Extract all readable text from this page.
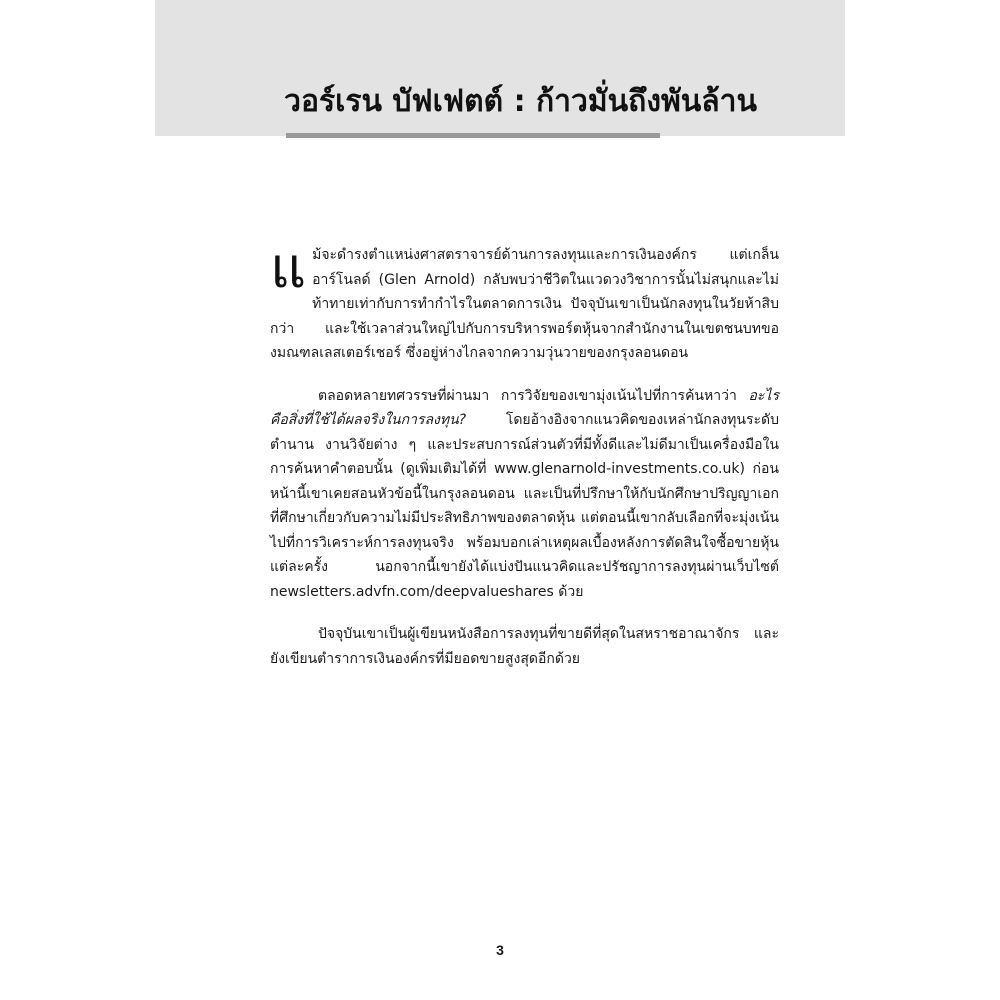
วอร์เรน บัฟเฟตต์ : ก้าวมั่นถึงพันล้าน

แม้จะดำรงตำแหน่งศาสตราจารย์ด้านการลงทุนและการเงินองค์กร แต่เกล็น อาร์โนลด์ (Glen Arnold) กลับพบว่าชีวิตในแวดวงวิชาการนั้นไม่สนุกและไม่ท้าทายเท่ากับการทำกำไรในตลาดการเงิน ปัจจุบันเขาเป็นนักลงทุนในวัยห้าสิบกว่า และใช้เวลาส่วนใหญ่ไปกับการบริหารพอร์ตหุ้นจากสำนักงานในเขตชนบทของมณฑลเลสเตอร์เชอร์ ซึ่งอยู่ห่างไกลจากความวุ่นวายของกรุงลอนดอน

ตลอดหลายทศวรรษที่ผ่านมา การวิจัยของเขามุ่งเน้นไปที่การค้นหาว่า อะไรคือสิ่งที่ใช้ได้ผลจริงในการลงทุน? โดยอ้างอิงจากแนวคิดของเหล่านักลงทุนระดับตำนาน งานวิจัยต่าง ๆ และประสบการณ์ส่วนตัวที่มีทั้งดีและไม่ดีมาเป็นเครื่องมือในการค้นหาคำตอบนั้น (ดูเพิ่มเติมได้ที่ www.glenarnold-investments.co.uk) ก่อนหน้านี้เขาเคยสอนหัวข้อนี้ในกรุงลอนดอน และเป็นที่ปรึกษาให้กับนักศึกษาปริญญาเอกที่ศึกษาเกี่ยวกับความไม่มีประสิทธิภาพของตลาดหุ้น แต่ตอนนี้เขากลับเลือกที่จะมุ่งเน้นไปที่การวิเคราะห์การลงทุนจริง พร้อมบอกเล่าเหตุผลเบื้องหลังการตัดสินใจซื้อขายหุ้นแต่ละครั้ง นอกจากนี้เขายังได้แบ่งปันแนวคิดและปรัชญาการลงทุนผ่านเว็บไซต์ newsletters.advfn.com/deepvalueshares ด้วย

ปัจจุบันเขาเป็นผู้เขียนหนังสือการลงทุนที่ขายดีที่สุดในสหราชอาณาจักร และยังเขียนตำราการเงินองค์กรที่มียอดขายสูงสุดอีกด้วย

3
